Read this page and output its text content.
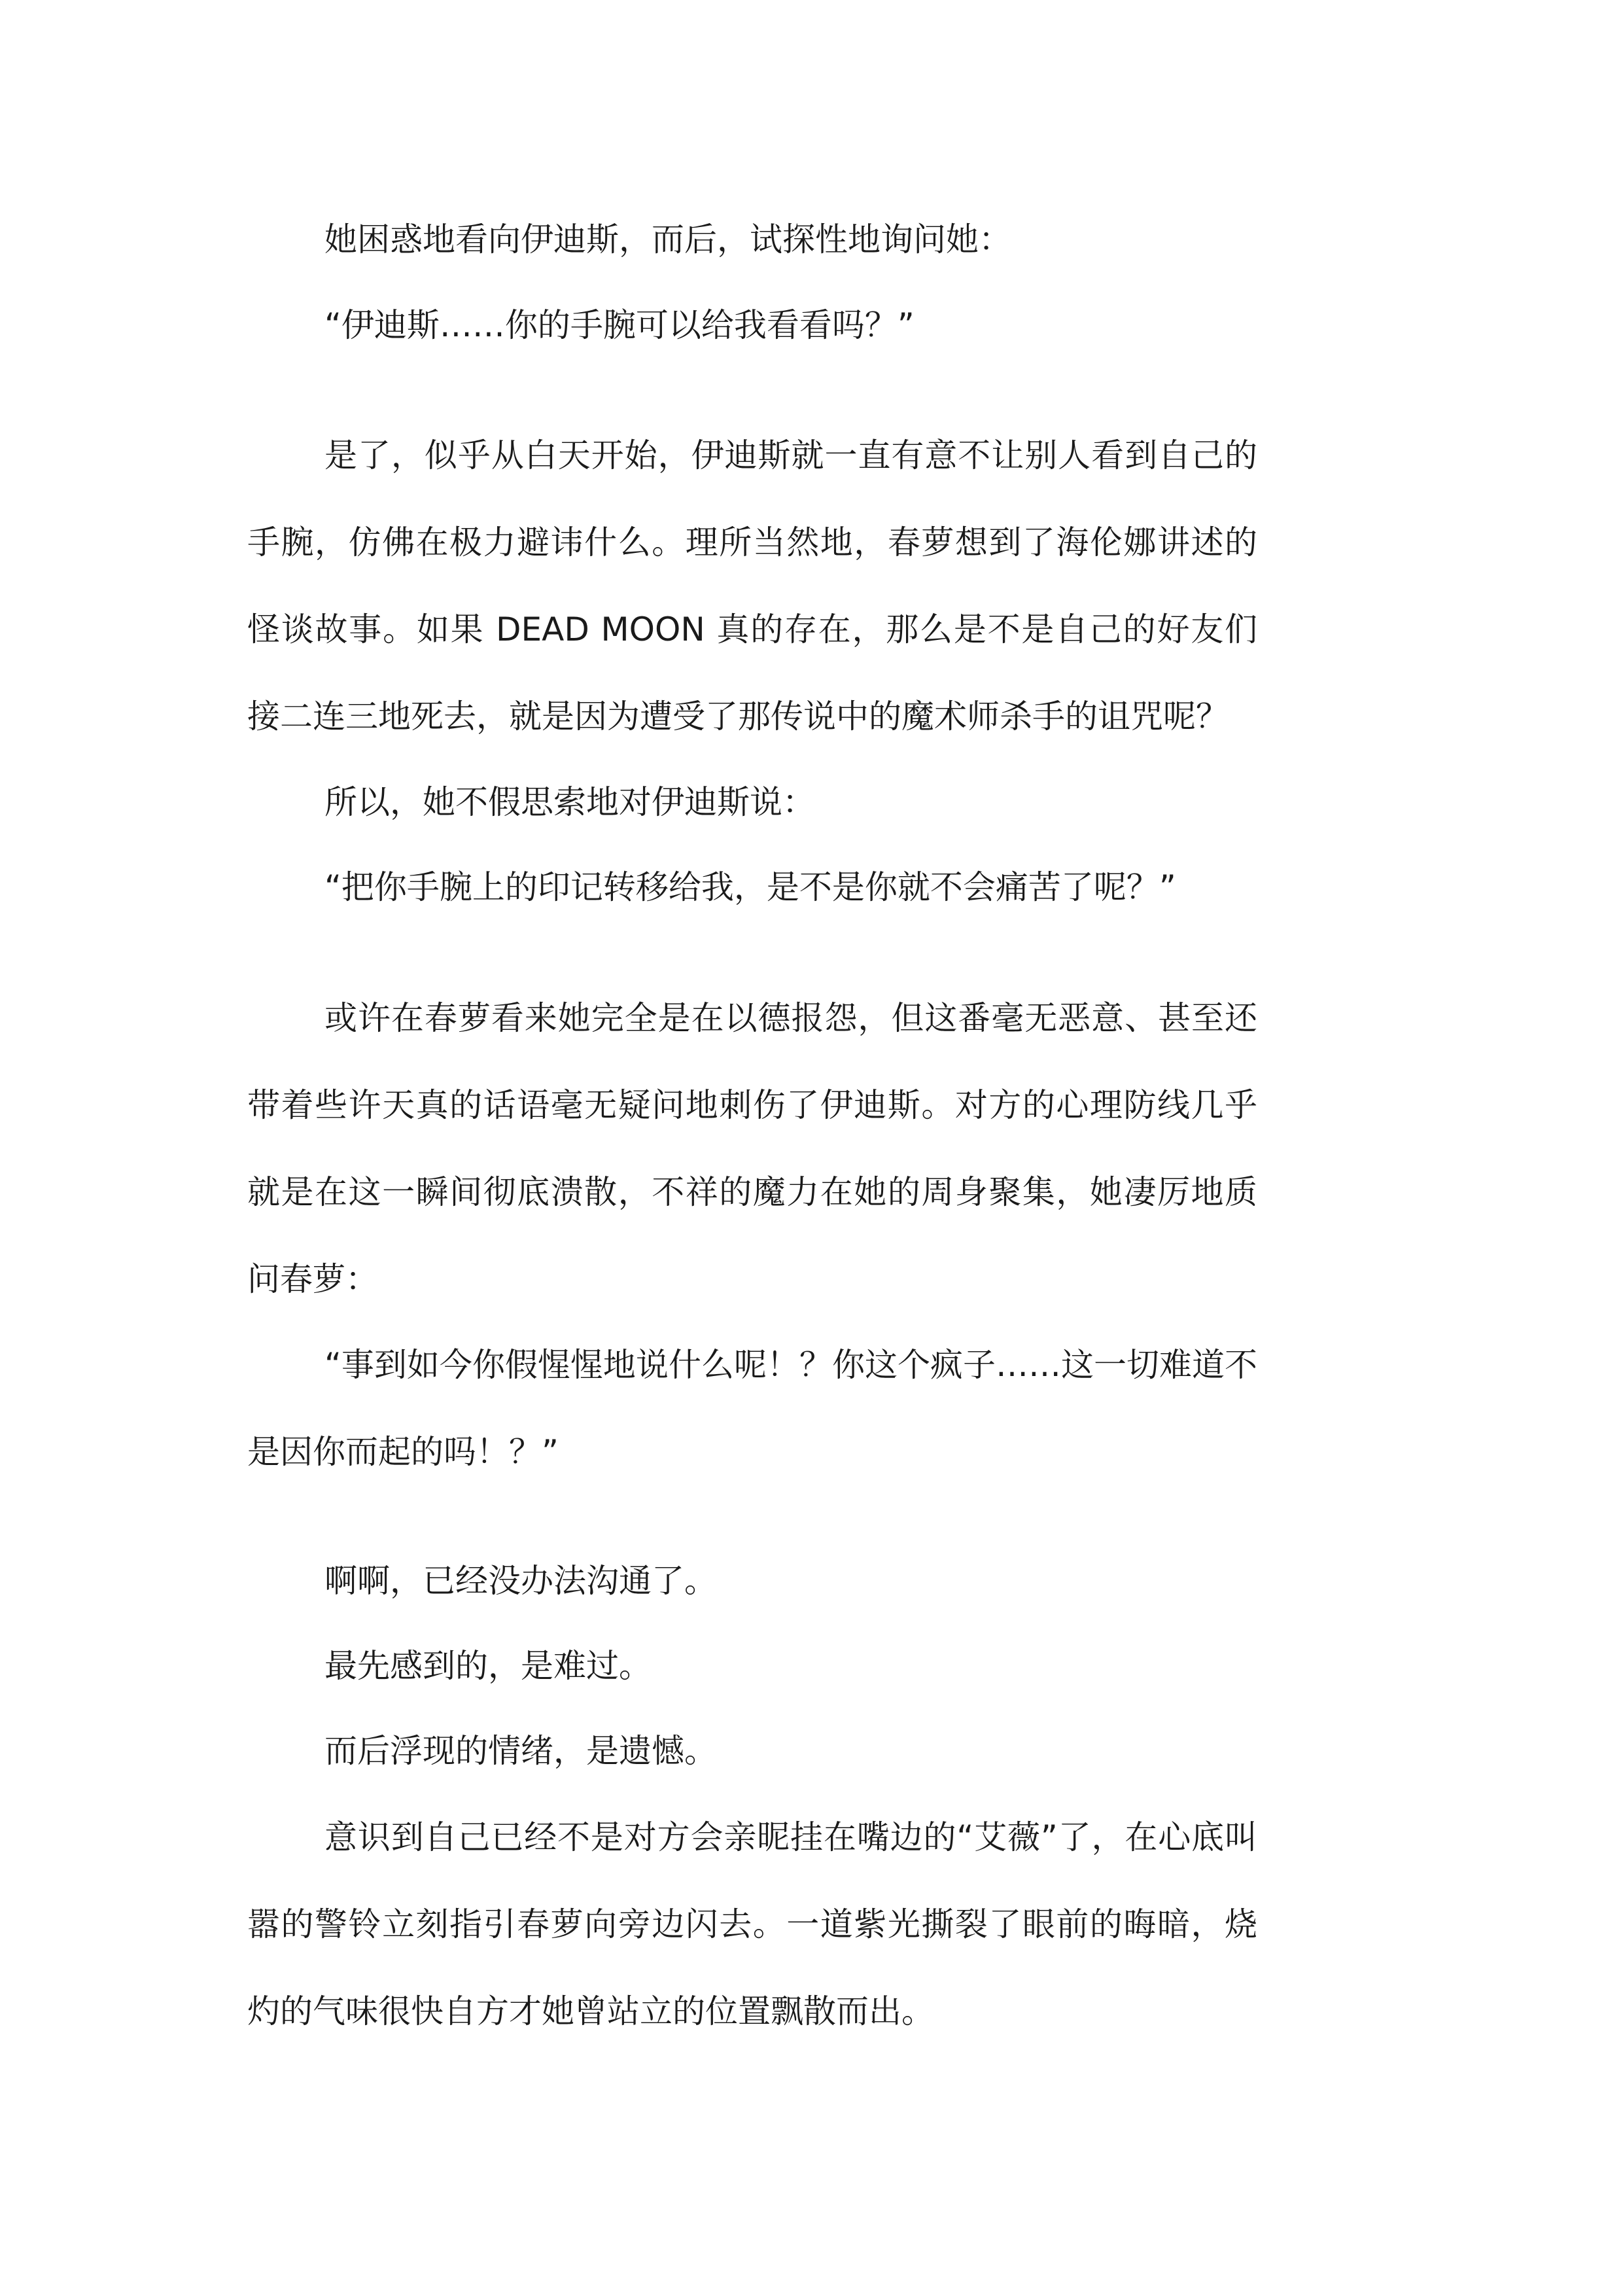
她困惑地看向伊迪斯，而后，试探性地询问她：

“伊迪斯……你的手腕可以给我看看吗？”

是了，似乎从白天开始，伊迪斯就一直有意不让别人看到自己的手腕，仿佛在极力避讳什么。理所当然地，春萝想到了海伦娜讲述的怪谈故事。如果 DEAD MOON 真的存在，那么是不是自己的好友们接二连三地死去，就是因为遭受了那传说中的魔术师杀手的诅咒呢？

所以，她不假思索地对伊迪斯说：

“把你手腕上的印记转移给我，是不是你就不会痛苦了呢？”

或许在春萝看来她完全是在以德报怨，但这番毫无恶意、甚至还带着些许天真的话语毫无疑问地刺伤了伊迪斯。对方的心理防线几乎就是在这一瞬间彻底溃散，不祥的魔力在她的周身聚集，她凄厉地质问春萝：

“事到如今你假惺惺地说什么呢！？你这个疯子……这一切难道不是因你而起的吗！？”

啊啊，已经没办法沟通了。

最先感到的，是难过。

而后浮现的情绪，是遗憾。

意识到自己已经不是对方会亲昵挂在嘴边的“艾薇”了，在心底叫嚣的警铃立刻指引春萝向旁边闪去。一道紫光撕裂了眼前的晦暗，烧灼的气味很快自方才她曾站立的位置飘散而出。
